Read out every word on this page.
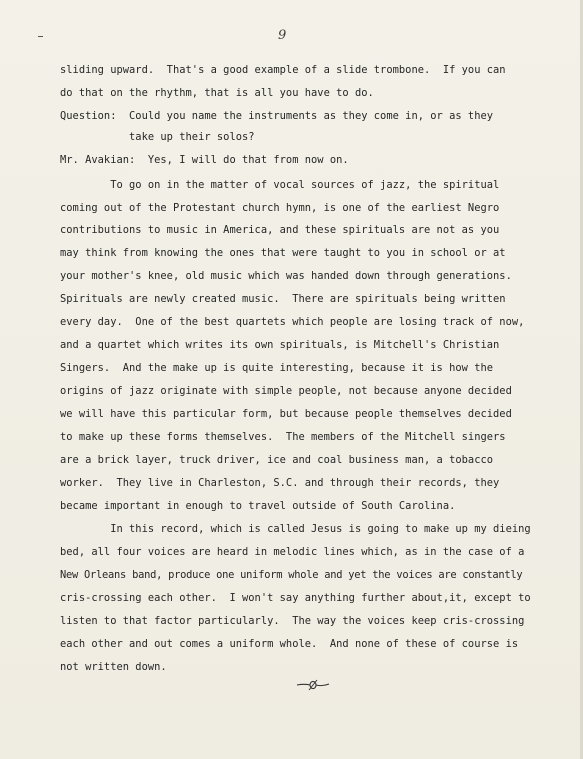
9
sliding upward.  That's a good example of a slide trombone.  If you can
do that on the rhythm, that is all you have to do.
Question:  Could you name the instruments as they come in, or as they
take up their solos?
Mr. Avakian:  Yes, I will do that from now on.
To go on in the matter of vocal sources of jazz, the spiritual
coming out of the Protestant church hymn, is one of the earliest Negro
contributions to music in America, and these spirituals are not as you
may think from knowing the ones that were taught to you in school or at
your mother's knee, old music which was handed down through generations.
Spirituals are newly created music.  There are spirituals being written
every day.  One of the best quartets which people are losing track of now,
and a quartet which writes its own spirituals, is Mitchell's Christian
Singers.  And the make up is quite interesting, because it is how the
origins of jazz originate with simple people, not because anyone decided
we will have this particular form, but because people themselves decided
to make up these forms themselves.  The members of the Mitchell singers
are a brick layer, truck driver, ice and coal business man, a tobacco
worker.  They live in Charleston, S.C. and through their records, they
became important in enough to travel outside of South Carolina.
In this record, which is called Jesus is going to make up my dieing
bed, all four voices are heard in melodic lines which, as in the case of a
New Orleans band, produce one uniform whole and yet the voices are constantly
cris-crossing each other.  I won't say anything further about,it, except to
listen to that factor particularly.  The way the voices keep cris-crossing
each other and out comes a uniform whole.  And none of these of course is
not written down.
